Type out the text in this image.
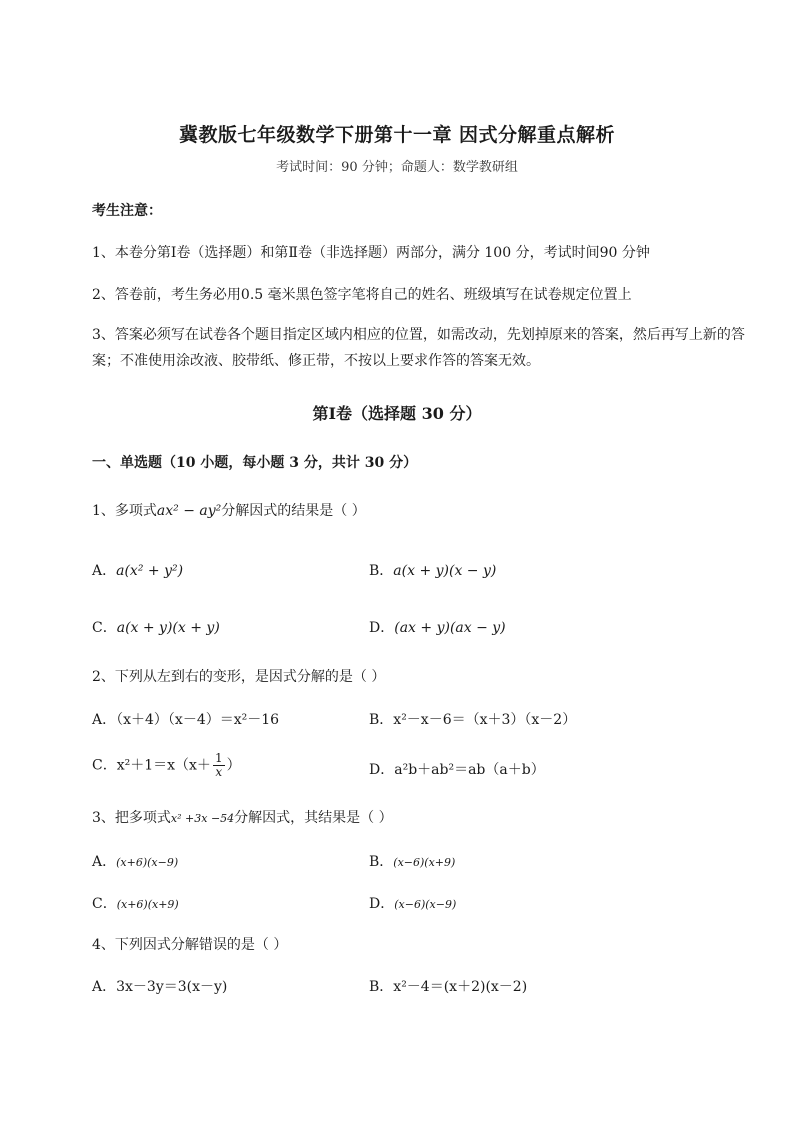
冀教版七年级数学下册第十一章 因式分解重点解析
考试时间：90 分钟；命题人：数学教研组
考生注意：
1、本卷分第Ⅰ卷（选择题）和第Ⅱ卷（非选择题）两部分，满分 100 分，考试时间90 分钟
2、答卷前，考生务必用0.5 毫米黑色签字笔将自己的姓名、班级填写在试卷规定位置上
3、答案必须写在试卷各个题目指定区域内相应的位置，如需改动，先划掉原来的答案，然后再写上新的答案；不准使用涂改液、胶带纸、修正带，不按以上要求作答的答案无效。
第Ⅰ卷（选择题 30 分）
一、单选题（10 小题，每小题 3 分，共计 30 分）
1、多项式ax² − ay²分解因式的结果是（ ）
A．a(x² + y²)	B．a(x + y)(x − y)
C．a(x + y)(x + y)	D．(ax + y)(ax − y)
2、下列从左到右的变形，是因式分解的是（ ）
A．（x＋4）（x－4）＝x²－16	B．x²－x－6＝（x＋3）（x－2）
C．$x^2+1=x(x+ \frac{1}{x}$ ）	D．a²b＋ab²＝ab（a＋b）
3、把多项式x² +3x −54分解因式，其结果是（ ）
A．(x+6)(x−9)	B．(x−6)(x+9)
C．(x+6)(x+9)	D．(x−6)(x−9)
4、下列因式分解错误的是（ ）
A．3x－3y＝3(x－y)	B．x²－4＝(x＋2)(x－2)
